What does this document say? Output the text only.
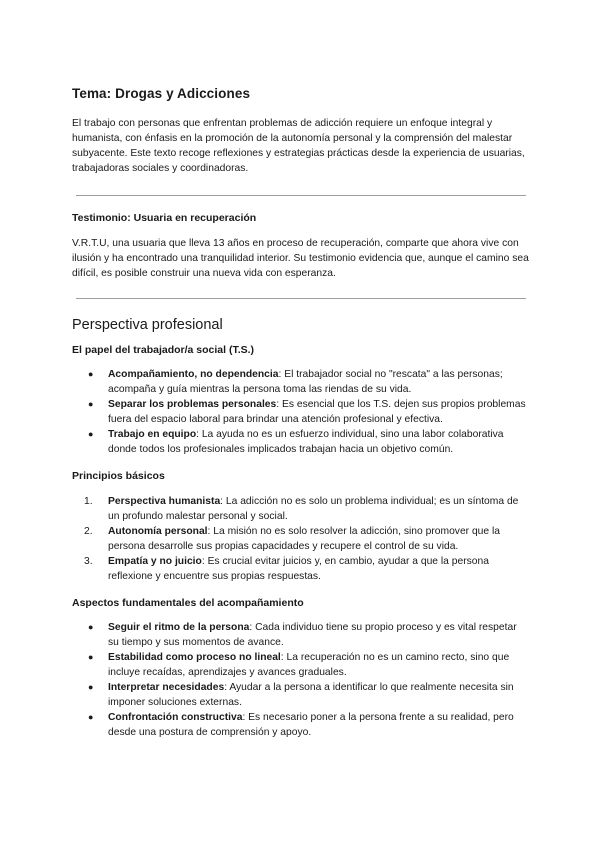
Tema: Drogas y Adicciones

El trabajo con personas que enfrentan problemas de adicción requiere un enfoque integral y humanista, con énfasis en la promoción de la autonomía personal y la comprensión del malestar subyacente. Este texto recoge reflexiones y estrategias prácticas desde la experiencia de usuarias, trabajadoras sociales y coordinadoras.

Testimonio: Usuaria en recuperación

V.R.T.U, una usuaria que lleva 13 años en proceso de recuperación, comparte que ahora vive con ilusión y ha encontrado una tranquilidad interior. Su testimonio evidencia que, aunque el camino sea difícil, es posible construir una nueva vida con esperanza.

Perspectiva profesional
El papel del trabajador/a social (T.S.)
●	Acompañamiento, no dependencia: El trabajador social no "rescata" a las personas; acompaña y guía mientras la persona toma las riendas de su vida.
●	Separar los problemas personales: Es esencial que los T.S. dejen sus propios problemas fuera del espacio laboral para brindar una atención profesional y efectiva.
●	Trabajo en equipo: La ayuda no es un esfuerzo individual, sino una labor colaborativa donde todos los profesionales implicados trabajan hacia un objetivo común.
Principios básicos
1.	Perspectiva humanista: La adicción no es solo un problema individual; es un síntoma de un profundo malestar personal y social.
2.	Autonomía personal: La misión no es solo resolver la adicción, sino promover que la persona desarrolle sus propias capacidades y recupere el control de su vida.
3.	Empatía y no juicio: Es crucial evitar juicios y, en cambio, ayudar a que la persona reflexione y encuentre sus propias respuestas.
Aspectos fundamentales del acompañamiento
●	Seguir el ritmo de la persona: Cada individuo tiene su propio proceso y es vital respetar su tiempo y sus momentos de avance.
●	Estabilidad como proceso no lineal: La recuperación no es un camino recto, sino que incluye recaídas, aprendizajes y avances graduales.
●	Interpretar necesidades: Ayudar a la persona a identificar lo que realmente necesita sin imponer soluciones externas.
●	Confrontación constructiva: Es necesario poner a la persona frente a su realidad, pero desde una postura de comprensión y apoyo.
